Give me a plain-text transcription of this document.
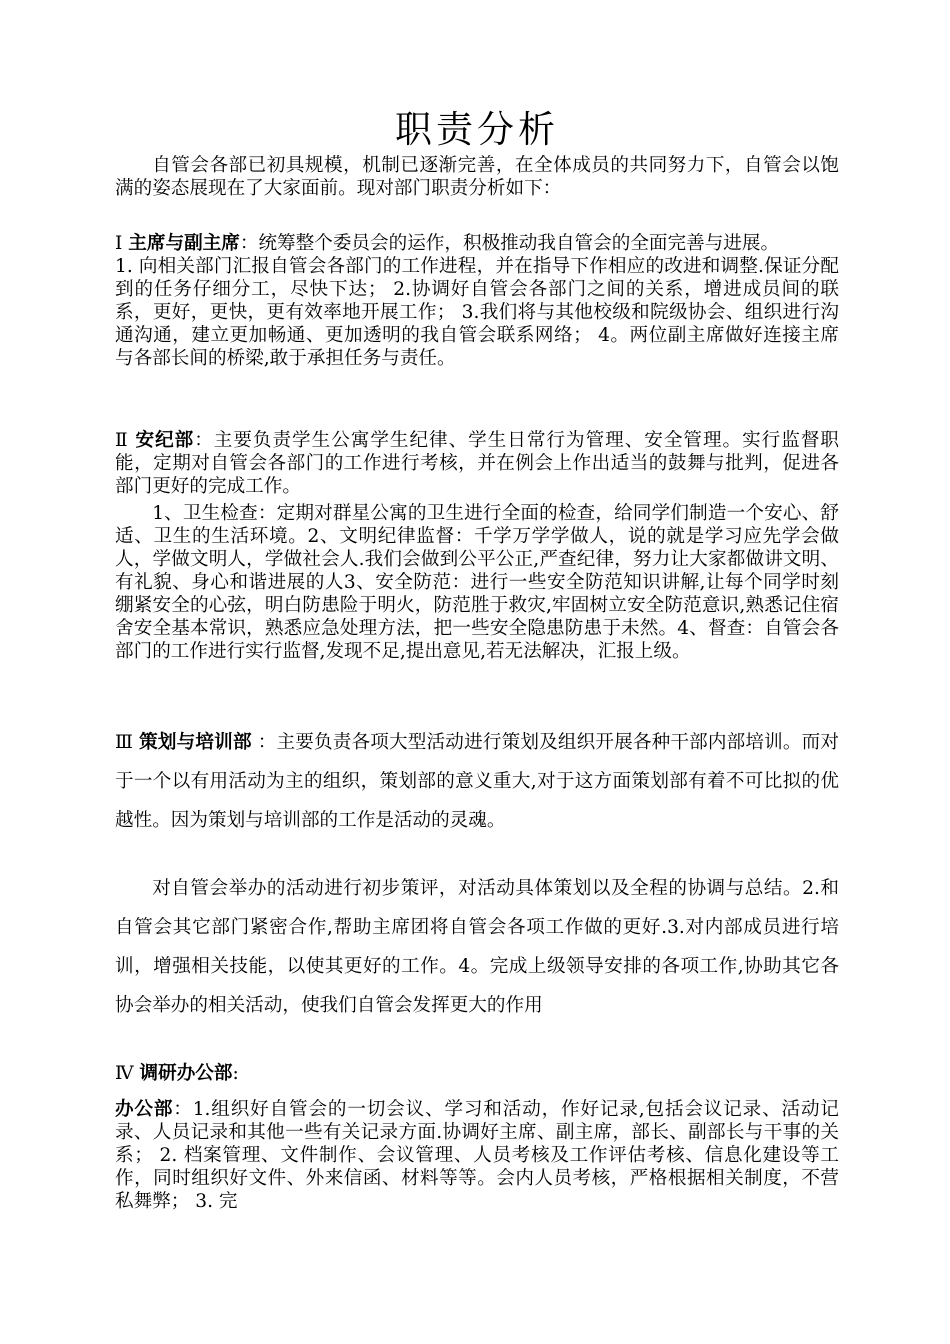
职责分析

自管会各部已初具规模，机制已逐渐完善，在全体成员的共同努力下，自管会以饱满的姿态展现在了大家面前。现对部门职责分析如下：

Ⅰ 主席与副主席：统筹整个委员会的运作，积极推动我自管会的全面完善与进展。
1. 向相关部门汇报自管会各部门的工作进程，并在指导下作相应的改进和调整.保证分配到的任务仔细分工，尽快下达； 2.协调好自管会各部门之间的关系，增进成员间的联系，更好，更快，更有效率地开展工作； 3.我们将与其他校级和院级协会、组织进行沟通沟通，建立更加畅通、更加透明的我自管会联系网络； 4。两位副主席做好连接主席与各部长间的桥梁,敢于承担任务与责任。

Ⅱ 安纪部：主要负责学生公寓学生纪律、学生日常行为管理、安全管理。实行监督职能，定期对自管会各部门的工作进行考核，并在例会上作出适当的鼓舞与批判，促进各部门更好的完成工作。

1、卫生检查：定期对群星公寓的卫生进行全面的检查，给同学们制造一个安心、舒适、卫生的生活环境。2、文明纪律监督：千学万学学做人，说的就是学习应先学会做人，学做文明人，学做社会人.我们会做到公平公正,严查纪律，努力让大家都做讲文明、有礼貌、身心和谐进展的人3、安全防范：进行一些安全防范知识讲解,让每个同学时刻绷紧安全的心弦，明白防患险于明火，防范胜于救灾,牢固树立安全防范意识,熟悉记住宿舍安全基本常识，熟悉应急处理方法，把一些安全隐患防患于未然。4、督查：自管会各部门的工作进行实行监督,发现不足,提出意见,若无法解决，汇报上级。

Ⅲ 策划与培训部 ：主要负责各项大型活动进行策划及组织开展各种干部内部培训。而对于一个以有用活动为主的组织，策划部的意义重大,对于这方面策划部有着不可比拟的优越性。因为策划与培训部的工作是活动的灵魂。

对自管会举办的活动进行初步策评，对活动具体策划以及全程的协调与总结。2.和自管会其它部门紧密合作,帮助主席团将自管会各项工作做的更好.3.对内部成员进行培训，增强相关技能，以使其更好的工作。4。完成上级领导安排的各项工作,协助其它各协会举办的相关活动，使我们自管会发挥更大的作用

Ⅳ 调研办公部:

办公部：1.组织好自管会的一切会议、学习和活动，作好记录,包括会议记录、活动记录、人员记录和其他一些有关记录方面.协调好主席、副主席，部长、副部长与干事的关系； 2. 档案管理、文件制作、会议管理、人员考核及工作评估考核、信息化建设等工作，同时组织好文件、外来信函、材料等等。会内人员考核，严格根据相关制度，不营私舞弊； 3. 完
